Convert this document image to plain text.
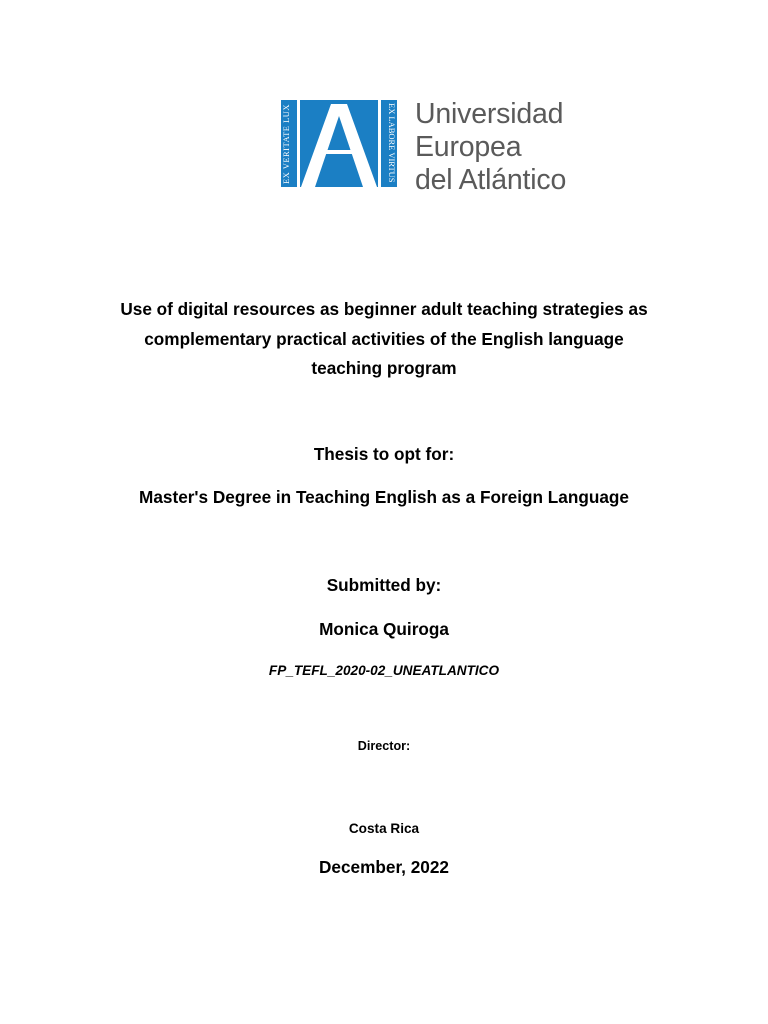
EX VERITATE LUX	EX LABORE VIRTUS
Universidad
Europea
del Atlántico
Use of digital resources as beginner adult teaching strategies as
complementary practical activities of the English language
teaching program

Thesis to opt for:

Master's Degree in Teaching English as a Foreign Language

Submitted by:

Monica Quiroga

FP_TEFL_2020-02_UNEATLANTICO

Director:

Costa Rica

December, 2022
